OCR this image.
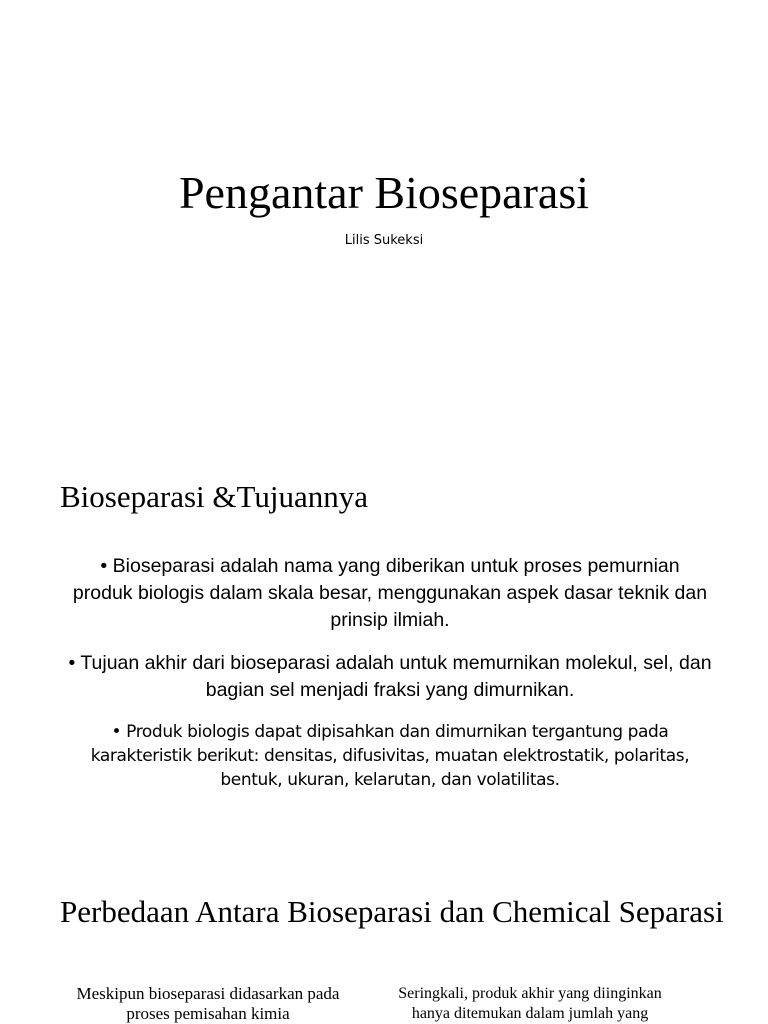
Pengantar Bioseparasi
Lilis Sukeksi
Bioseparasi &Tujuannya
• Bioseparasi adalah nama yang diberikan untuk proses pemurnian produk biologis dalam skala besar, menggunakan aspek dasar teknik dan prinsip ilmiah.
• Tujuan akhir dari bioseparasi adalah untuk memurnikan molekul, sel, dan bagian sel menjadi fraksi yang dimurnikan.
• Produk biologis dapat dipisahkan dan dimurnikan tergantung pada karakteristik berikut: densitas, difusivitas, muatan elektrostatik, polaritas, bentuk, ukuran, kelarutan, dan volatilitas.
Perbedaan Antara Bioseparasi dan Chemical Separasi
Meskipun bioseparasi didasarkan pada proses pemisahan kimia
Seringkali, produk akhir yang diinginkan hanya ditemukan dalam jumlah yang
